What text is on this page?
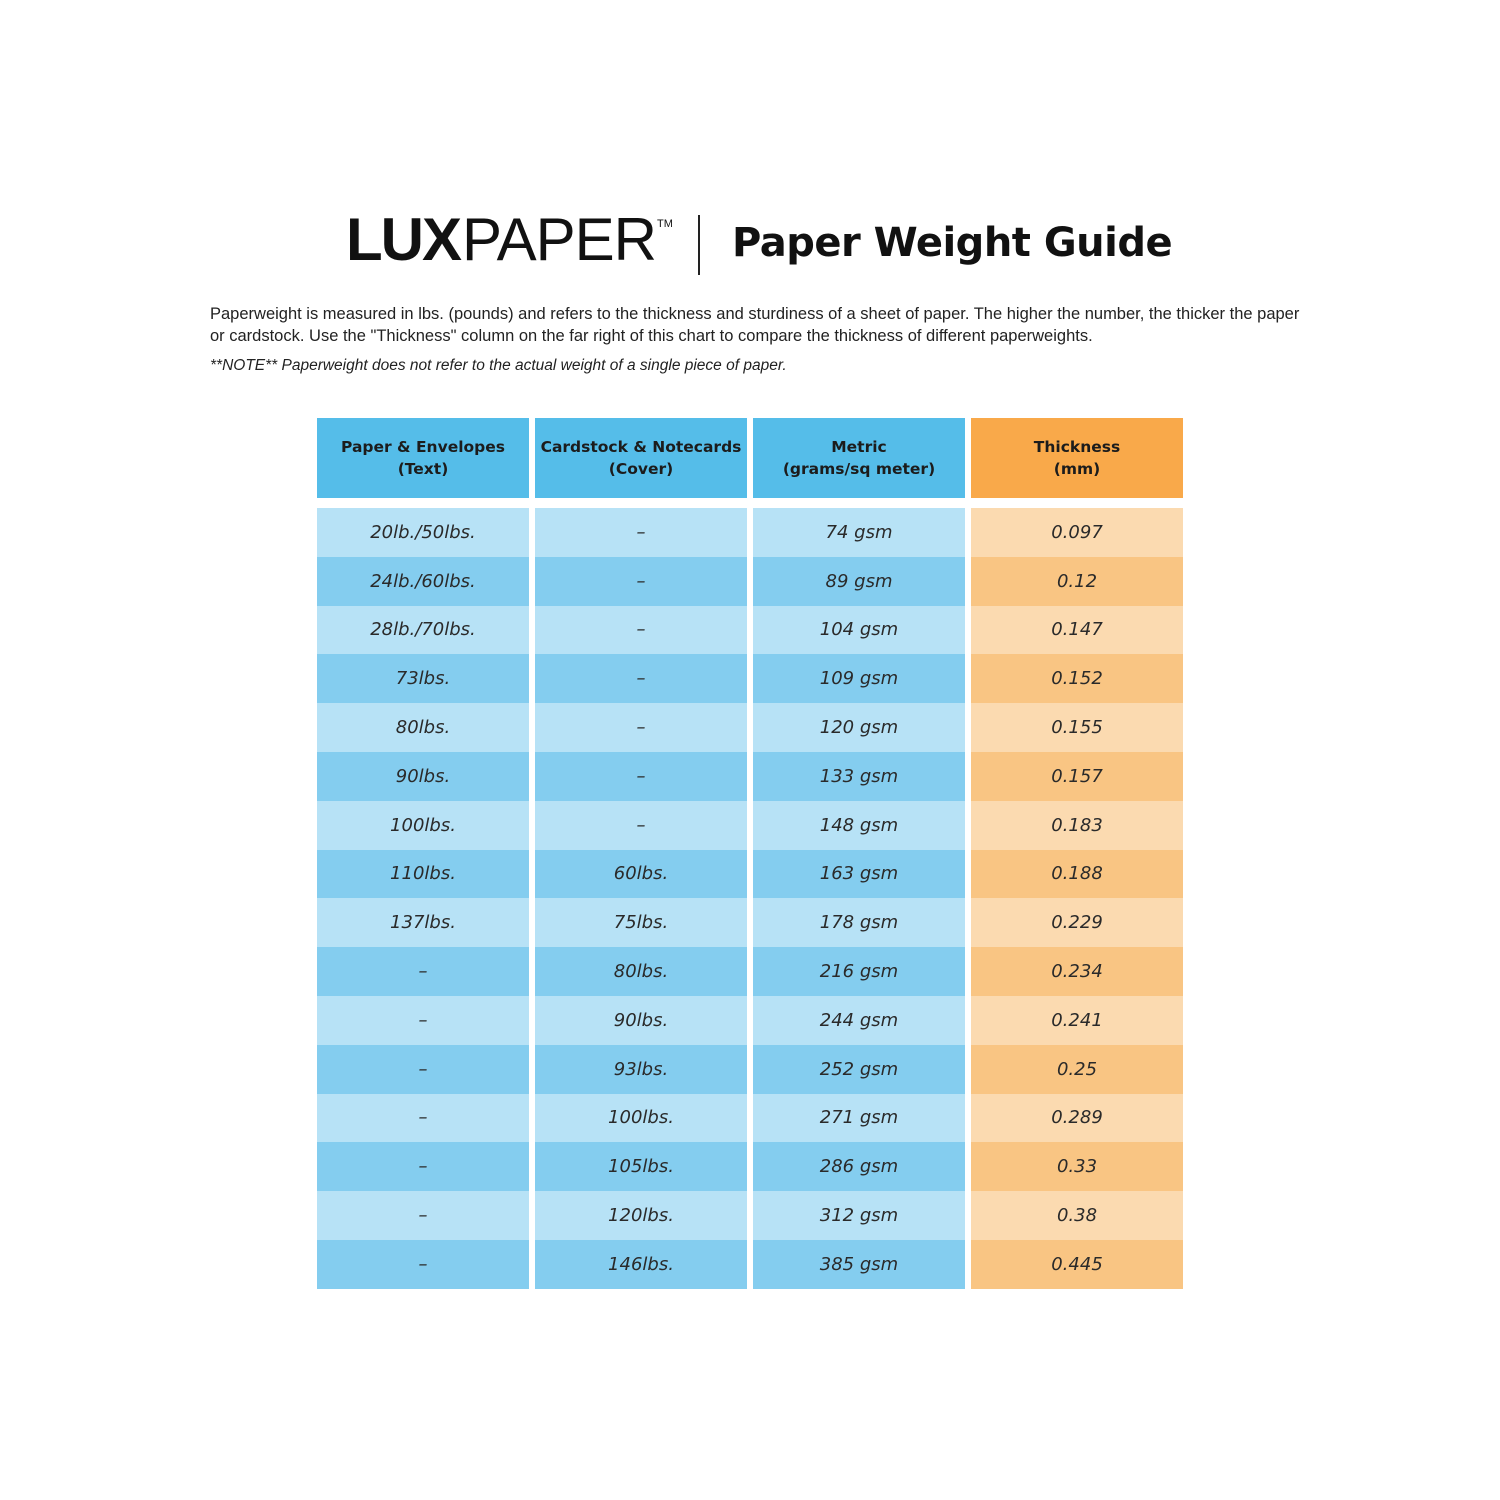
LUX PAPER TM Paper Weight Guide
Paperweight is measured in lbs. (pounds) and refers to the thickness and sturdiness of a sheet of paper. The higher the number, the thicker the paper or cardstock. Use the "Thickness" column on the far right of this chart to compare the thickness of different paperweights.
**NOTE** Paperweight does not refer to the actual weight of a single piece of paper.
Paper & Envelopes
(Text)
20lb./50lbs.
24lb./60lbs.
28lb./70lbs.
73lbs.
80lbs.
90lbs.
100lbs.
110lbs.
137lbs.
–
–
–
–
–
–
–
Cardstock & Notecards
(Cover)
–
–
–
–
–
–
–
60lbs.
75lbs.
80lbs.
90lbs.
93lbs.
100lbs.
105lbs.
120lbs.
146lbs.
Metric
(grams/sq meter)
74 gsm
89 gsm
104 gsm
109 gsm
120 gsm
133 gsm
148 gsm
163 gsm
178 gsm
216 gsm
244 gsm
252 gsm
271 gsm
286 gsm
312 gsm
385 gsm
Thickness
(mm)
0.097
0.12
0.147
0.152
0.155
0.157
0.183
0.188
0.229
0.234
0.241
0.25
0.289
0.33
0.38
0.445
